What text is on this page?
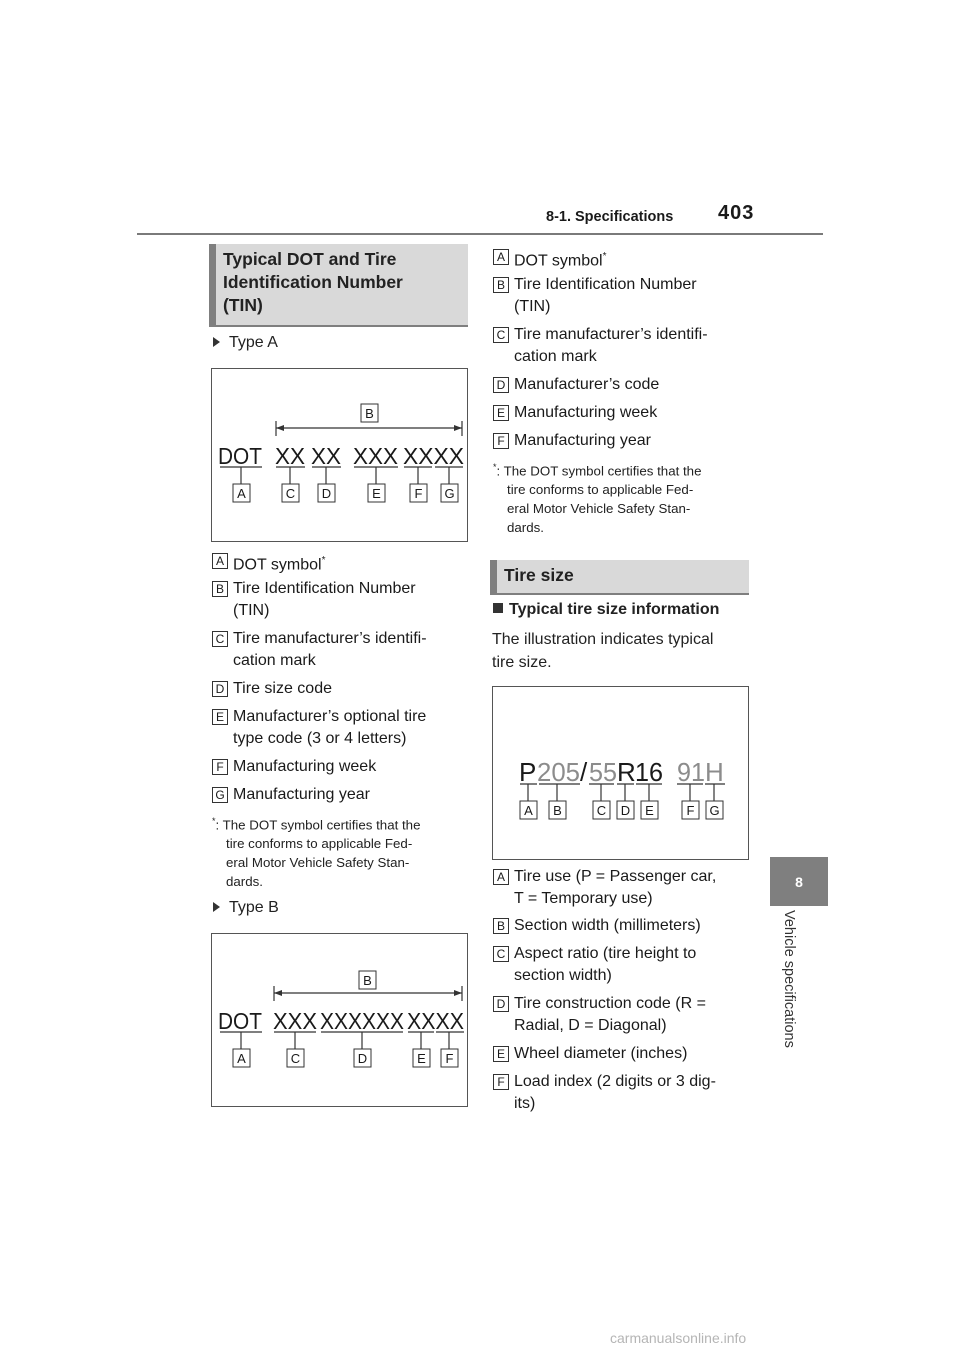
8-1. Specifications 403
8
Vehicle specifications
Typical DOT and Tire
Identification Number
(TIN)
Type A
B
DOT XX XX XXX XXXX
A	C D	E	F G
A DOT symbol*
B Tire Identification Number
(TIN)
C Tire manufacturer’s identifi-
cation mark
D Tire size code
E Manufacturer’s optional tire
type code (3 or 4 letters)
F Manufacturing week
G Manufacturing year
*: The DOT symbol certifies that the
tire conforms to applicable Fed-
eral Motor Vehicle Safety Stan-
dards.
Type B
B
DOT XXX XXXXXX XXXX
A	C	D	E F
A DOT symbol*
B Tire Identification Number
(TIN)
C Tire manufacturer’s identifi-
cation mark
D Manufacturer’s code
E Manufacturing week
F Manufacturing year
*: The DOT symbol certifies that the
tire conforms to applicable Fed-
eral Motor Vehicle Safety Stan-
dards.
Tire size
Typical tire size information
The illustration indicates typical
tire size.
P 205 / 55 R 16 91 H
A B	C D E	F G
A Tire use (P = Passenger car,
T = Temporary use)
B Section width (millimeters)
C Aspect ratio (tire height to
section width)
D Tire construction code (R =
Radial, D = Diagonal)
E Wheel diameter (inches)
F Load index (2 digits or 3 dig-
its)
carmanualsonline.info
